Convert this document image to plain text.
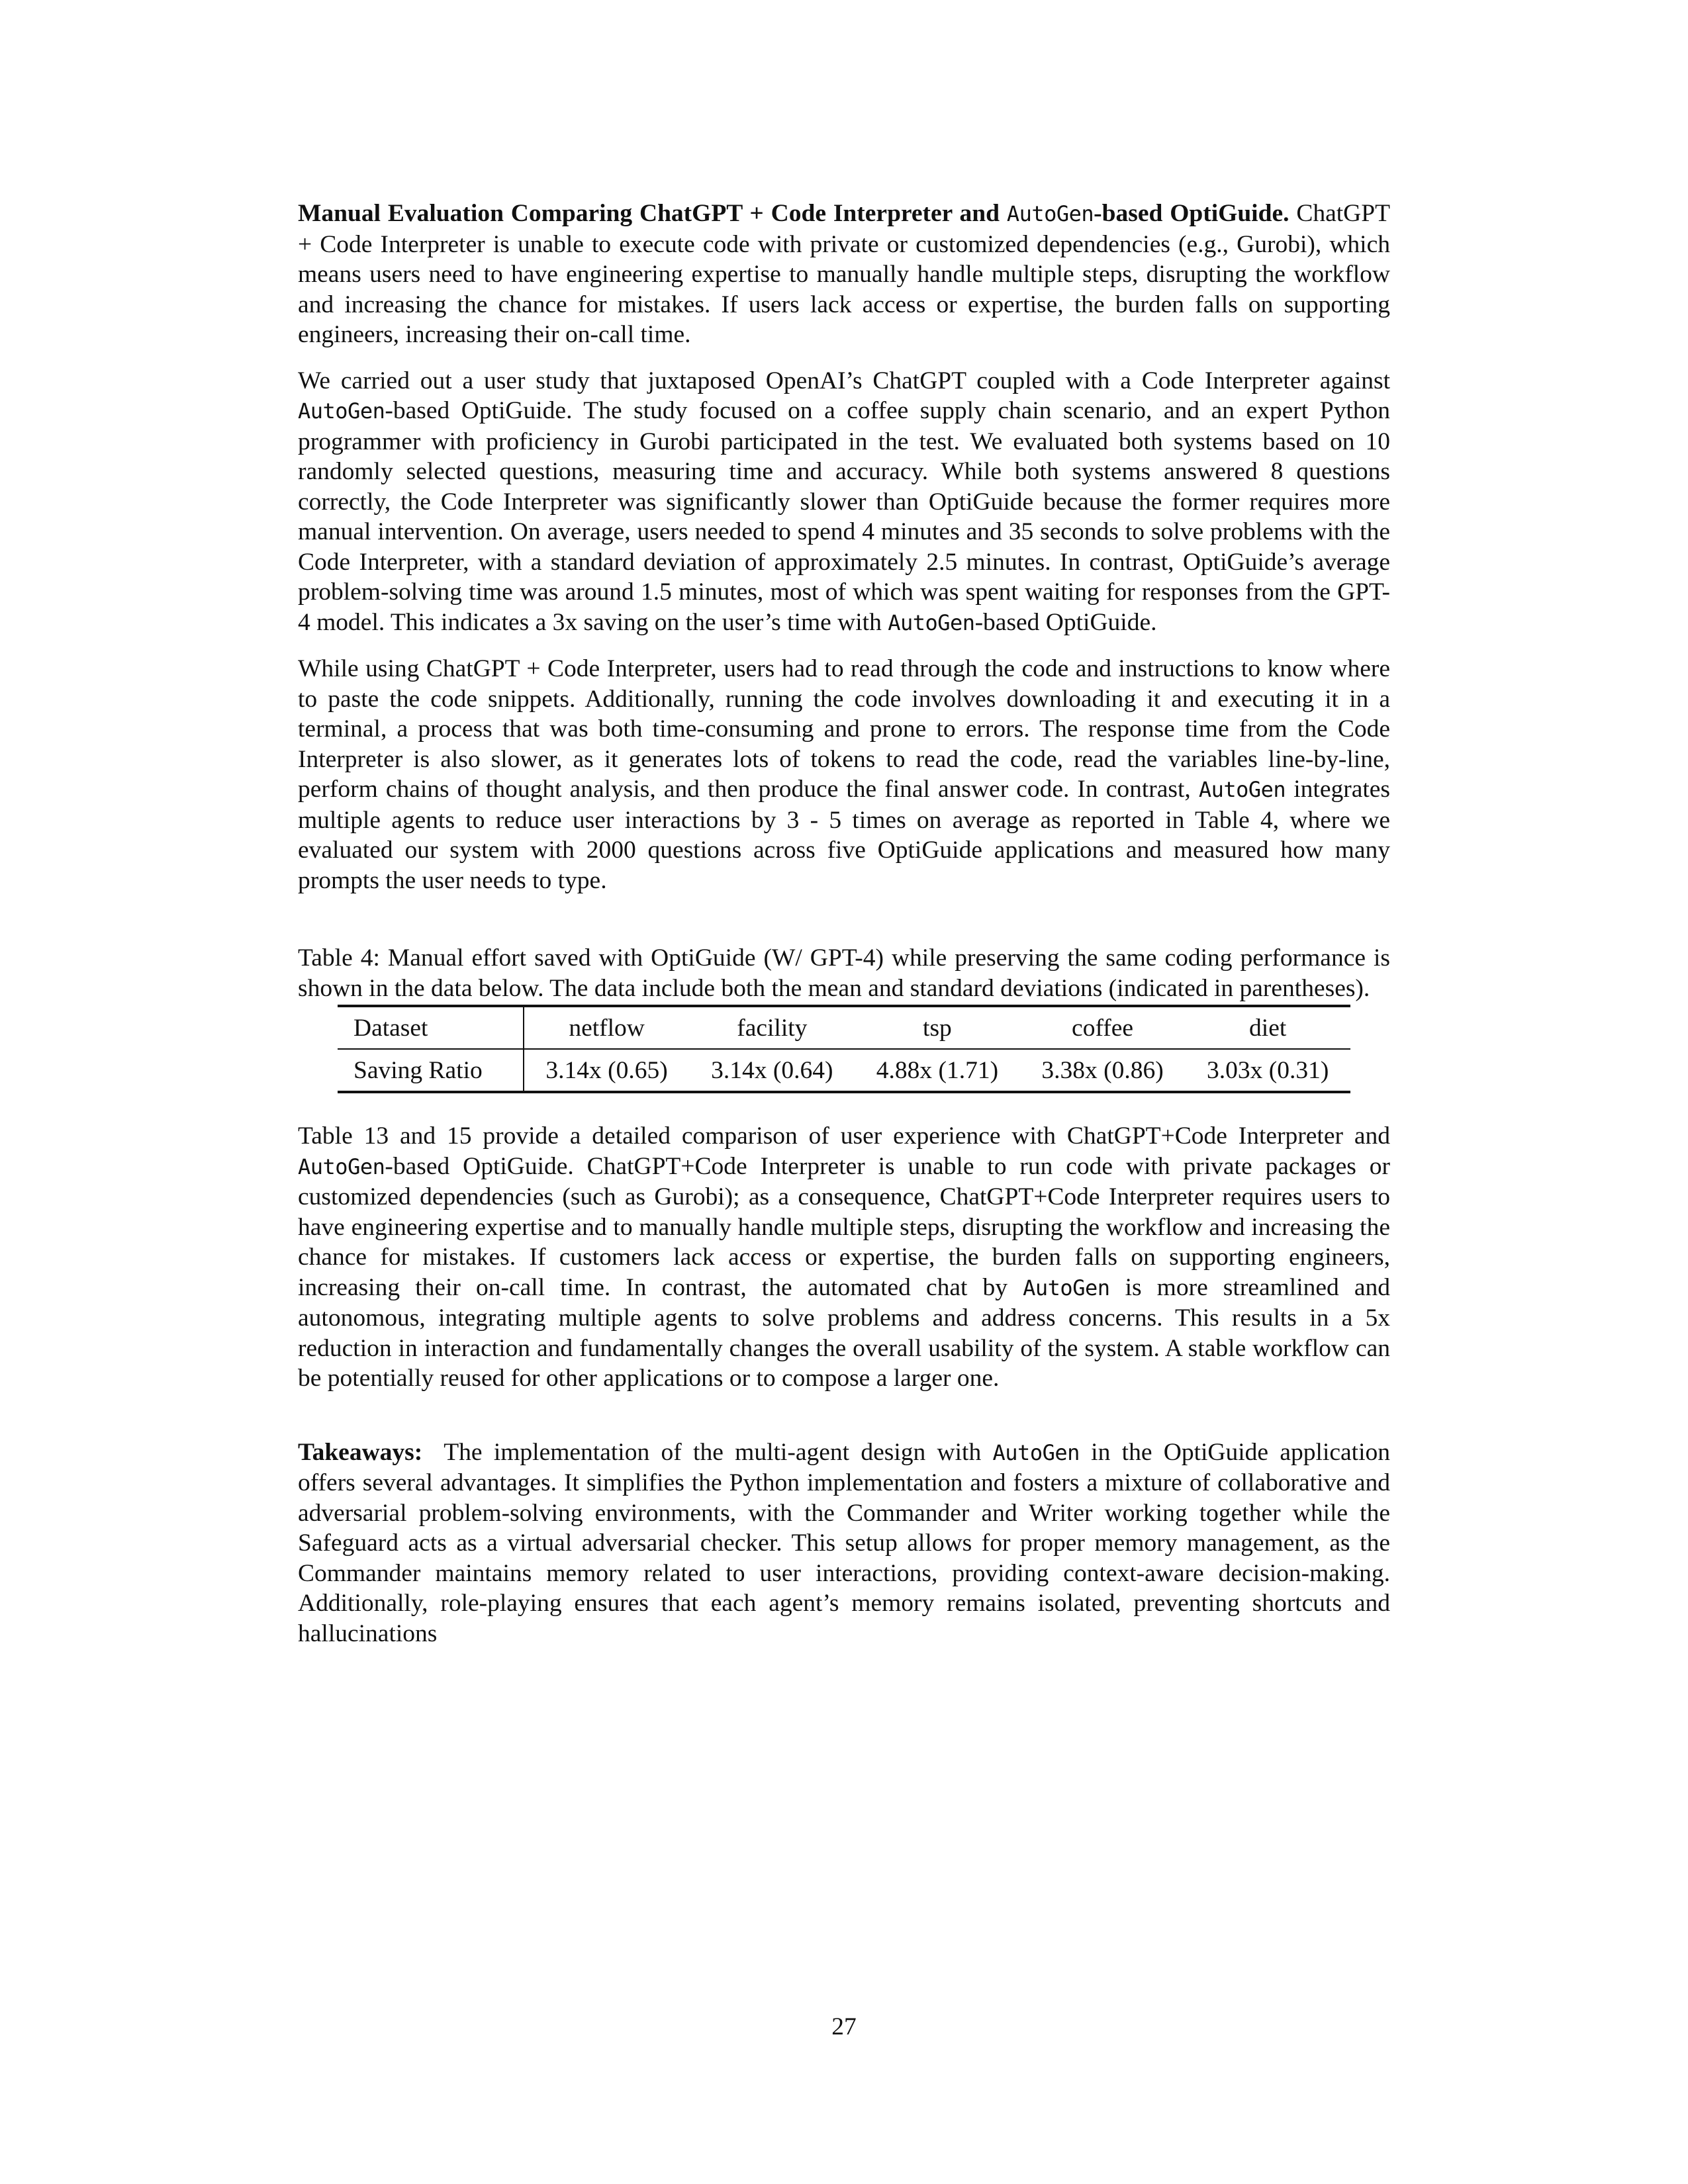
Manual Evaluation Comparing ChatGPT + Code Interpreter and AutoGen-based OptiGuide. ChatGPT + Code Interpreter is unable to execute code with private or customized dependencies (e.g., Gurobi), which means users need to have engineering expertise to manually handle multiple steps, disrupting the workflow and increasing the chance for mistakes. If users lack access or expertise, the burden falls on supporting engineers, increasing their on-call time.

We carried out a user study that juxtaposed OpenAI’s ChatGPT coupled with a Code Interpreter against AutoGen-based OptiGuide. The study focused on a coffee supply chain scenario, and an expert Python programmer with proficiency in Gurobi participated in the test. We evaluated both systems based on 10 randomly selected questions, measuring time and accuracy. While both systems answered 8 questions correctly, the Code Interpreter was significantly slower than OptiGuide because the former requires more manual intervention. On average, users needed to spend 4 minutes and 35 seconds to solve problems with the Code Interpreter, with a standard deviation of approximately 2.5 minutes. In contrast, OptiGuide’s average problem-solving time was around 1.5 minutes, most of which was spent waiting for responses from the GPT-4 model. This indicates a 3x saving on the user’s time with AutoGen-based OptiGuide.

While using ChatGPT + Code Interpreter, users had to read through the code and instructions to know where to paste the code snippets. Additionally, running the code involves downloading it and executing it in a terminal, a process that was both time-consuming and prone to errors. The response time from the Code Interpreter is also slower, as it generates lots of tokens to read the code, read the variables line-by-line, perform chains of thought analysis, and then produce the final answer code. In contrast, AutoGen integrates multiple agents to reduce user interactions by 3 - 5 times on average as reported in Table 4, where we evaluated our system with 2000 questions across five OptiGuide applications and measured how many prompts the user needs to type.

Table 4: Manual effort saved with OptiGuide (W/ GPT-4) while preserving the same coding performance is shown in the data below. The data include both the mean and standard deviations (indicated in parentheses).

Dataset	netflow	facility	tsp	coffee	diet
Saving Ratio	3.14x (0.65)	3.14x (0.64)	4.88x (1.71)	3.38x (0.86)	3.03x (0.31)

Table 13 and 15 provide a detailed comparison of user experience with ChatGPT+Code Interpreter and AutoGen-based OptiGuide. ChatGPT+Code Interpreter is unable to run code with private packages or customized dependencies (such as Gurobi); as a consequence, ChatGPT+Code Interpreter requires users to have engineering expertise and to manually handle multiple steps, disrupting the workflow and increasing the chance for mistakes. If customers lack access or expertise, the burden falls on supporting engineers, increasing their on-call time. In contrast, the automated chat by AutoGen is more streamlined and autonomous, integrating multiple agents to solve problems and address concerns. This results in a 5x reduction in interaction and fundamentally changes the overall usability of the system. A stable workflow can be potentially reused for other applications or to compose a larger one.

Takeaways: The implementation of the multi-agent design with AutoGen in the OptiGuide application offers several advantages. It simplifies the Python implementation and fosters a mixture of collaborative and adversarial problem-solving environments, with the Commander and Writer working together while the Safeguard acts as a virtual adversarial checker. This setup allows for proper memory management, as the Commander maintains memory related to user interactions, providing context-aware decision-making. Additionally, role-playing ensures that each agent’s memory remains isolated, preventing shortcuts and hallucinations

27
